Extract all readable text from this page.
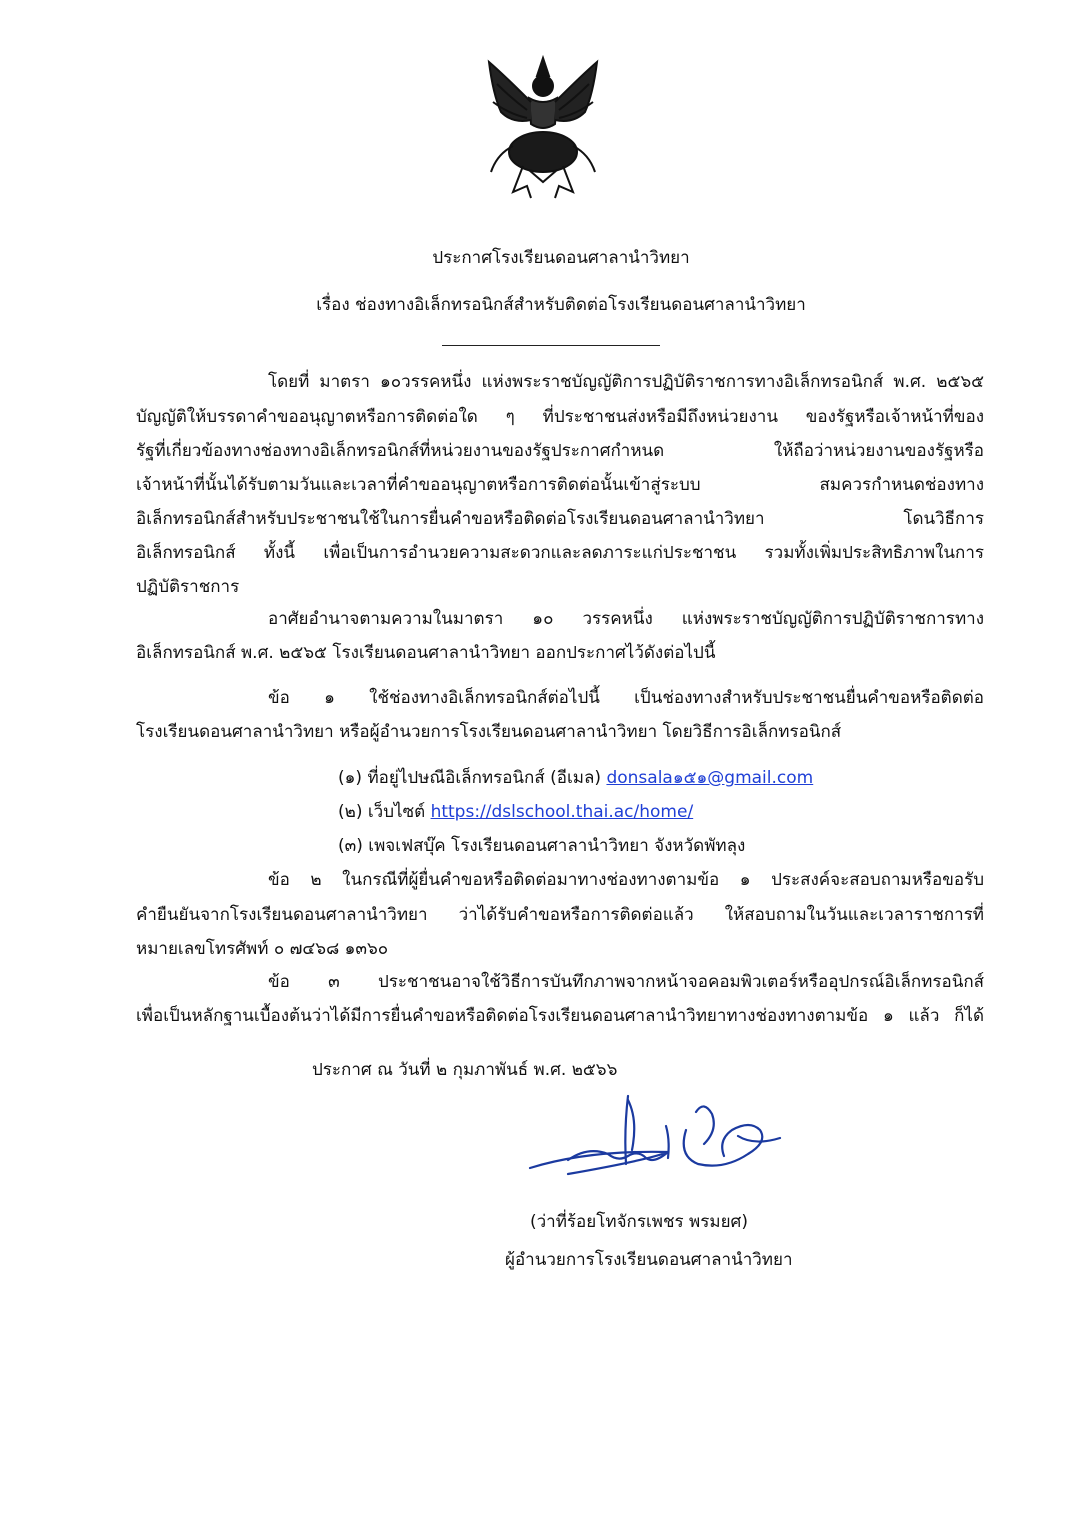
ประกาศโรงเรียนดอนศาลานำวิทยา
เรื่อง ช่องทางอิเล็กทรอนิกส์สำหรับติดต่อโรงเรียนดอนศาลานำวิทยา
โดยที่ มาตรา ๑๐วรรคหนึ่ง แห่งพระราชบัญญัติการปฏิบัติราชการทางอิเล็กทรอนิกส์ พ.ศ. ๒๕๖๕
บัญญัติให้บรรดาคำขออนุญาตหรือการติดต่อใด ๆ ที่ประชาชนส่งหรือมีถึงหน่วยงาน ของรัฐหรือเจ้าหน้าที่ของ
รัฐที่เกี่ยวข้องทางช่องทางอิเล็กทรอนิกส์ที่หน่วยงานของรัฐประกาศกำหนด ให้ถือว่าหน่วยงานของรัฐหรือ
เจ้าหน้าที่นั้นได้รับตามวันและเวลาที่คำขออนุญาตหรือการติดต่อนั้นเข้าสู่ระบบ สมควรกำหนดช่องทาง
อิเล็กทรอนิกส์สำหรับประชาชนใช้ในการยื่นคำขอหรือติดต่อโรงเรียนดอนศาลานำวิทยา โดนวิธีการ
อิเล็กทรอนิกส์ ทั้งนี้ เพื่อเป็นการอำนวยความสะดวกและลดภาระแก่ประชาชน รวมทั้งเพิ่มประสิทธิภาพในการ
ปฏิบัติราชการ
อาศัยอำนาจตามความในมาตรา ๑๐ วรรคหนึ่ง แห่งพระราชบัญญัติการปฏิบัติราชการทาง
อิเล็กทรอนิกส์ พ.ศ. ๒๕๖๕ โรงเรียนดอนศาลานำวิทยา ออกประกาศไว้ดังต่อไปนี้
ข้อ ๑ ใช้ช่องทางอิเล็กทรอนิกส์ต่อไปนี้ เป็นช่องทางสำหรับประชาชนยื่นคำขอหรือติดต่อ
โรงเรียนดอนศาลานำวิทยา หรือผู้อำนวยการโรงเรียนดอนศาลานำวิทยา โดยวิธีการอิเล็กทรอนิกส์
(๑) ที่อยู่ไปษณีอิเล็กทรอนิกส์ (อีเมล) donsala๑๕๑@gmail.com
(๒) เว็บไซต์ https://dslschool.thai.ac/home/
(๓) เพจเฟสบุ๊ค โรงเรียนดอนศาลานำวิทยา จังหวัดพัทลุง
ข้อ ๒ ในกรณีที่ผู้ยื่นคำขอหรือติดต่อมาทางช่องทางตามข้อ ๑ ประสงค์จะสอบถามหรือขอรับ
คำยืนยันจากโรงเรียนดอนศาลานำวิทยา ว่าได้รับคำขอหรือการติดต่อแล้ว ให้สอบถามในวันและเวลาราชการที่
หมายเลขโทรศัพท์ ๐ ๗๔๖๘ ๑๓๖๐
ข้อ ๓ ประชาชนอาจใช้วิธีการบันทึกภาพจากหน้าจอคอมพิวเตอร์หรืออุปกรณ์อิเล็กทรอนิกส์
เพื่อเป็นหลักฐานเบื้องต้นว่าได้มีการยื่นคำขอหรือติดต่อโรงเรียนดอนศาลานำวิทยาทางช่องทางตามข้อ ๑ แล้ว ก็ได้
ประกาศ ณ วันที่ ๒ กุมภาพันธ์ พ.ศ. ๒๕๖๖
(ว่าที่ร้อยโทจักรเพชร พรมยศ)
ผู้อำนวยการโรงเรียนดอนศาลานำวิทยา
